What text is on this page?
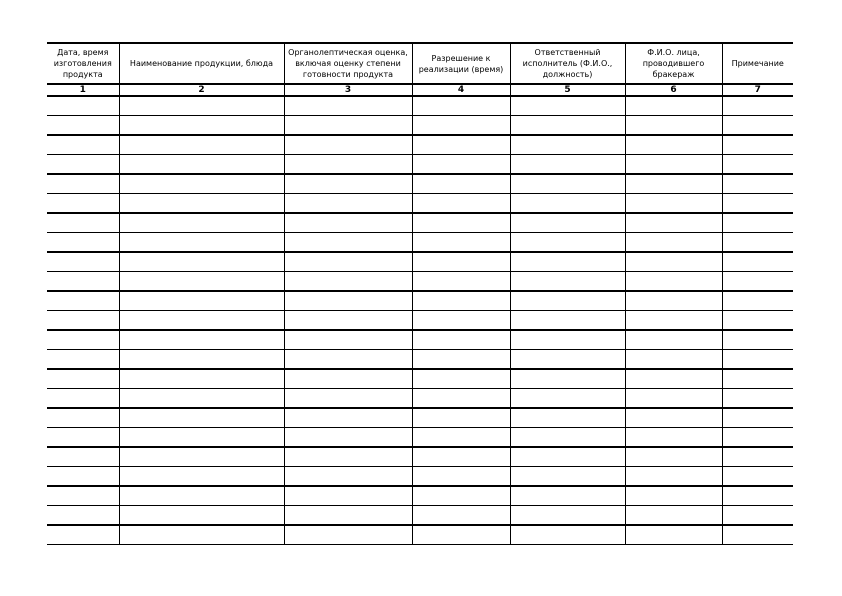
Дата, время изготовления продукта	Наименование продукции, блюда	Органолептическая оценка, включая оценку степени готовности продукта	Разрешение к реализации (время)	Ответственный исполнитель (Ф.И.О., должность)	Ф.И.О. лица, проводившего бракераж	Примечание
1	2	3	4	5	6	7
